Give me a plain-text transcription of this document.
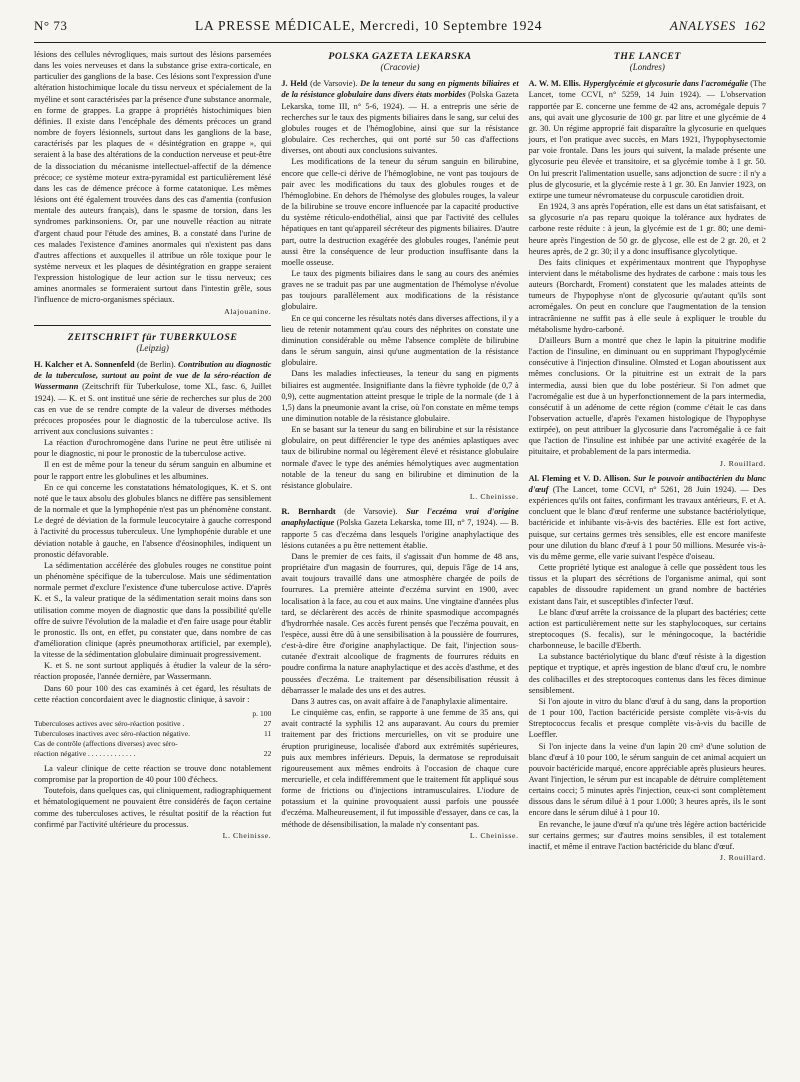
N° 73	LA PRESSE MÉDICALE, Mercredi, 10 Septembre 1924	ANALYSES 162

lésions des cellules névrogliques, mais surtout des lésions parsemées dans les voies nerveuses et dans la substance grise extra-corticale, en particulier des ganglions de la base. Ces lésions sont l'expression d'une altération histochimique locale du tissu nerveux et spécialement de la myéline et sont caractérisées par la présence d'une substance anormale, en forme de grappes. La grappe à propriétés histochimiques bien définies. Il existe dans l'encéphale des déments précoces un grand nombre de foyers lésionnels, surtout dans les ganglions de la base, caractérisés par les plaques de « désintégration en grappe », qui seraient à la base des altérations de la conduction nerveuse et peut-être de la dissociation du mécanisme intellectuel-affectif de la démence précoce; ce système moteur extra-pyramidal est particulièrement lésé dans les cas de démence précoce à forme catatonique. Les mêmes lésions ont été également trouvées dans des cas d'amentia (confusion mentale des auteurs français), dans le spasme de torsion, dans les syndromes parkinsoniens. Or, par une nouvelle réaction au nitrate d'argent chaud pour l'étude des amines, B. a constaté dans l'urine de ces malades l'existence d'amines anormales qui n'existent pas dans d'autres affections et auxquelles il attribue un rôle toxique pour le système nerveux et les plaques de désintégration en grappe seraient l'expression histologique de leur action sur le tissu nerveux; ces amines anormales se formeraient surtout dans l'intestin grêle, sous l'influence de micro-organismes spéciaux.

Alajouanine.
ZEITSCHRIFT für TUBERKULOSE
(Leipzig)

H. Kalcher et A. Sonnenfeld (de Berlin). Contribution au diagnostic de la tuberculose, surtout au point de vue de la séro-réaction de Wassermann (Zeitschrift für Tuberkulose, tome XL, fasc. 6, Juillet 1924). — K. et S. ont institué une série de recherches sur plus de 200 cas en vue de se rendre compte de la valeur de diverses méthodes précoces proposées pour le diagnostic de la tuberculose active. Ils arrivent aux conclusions suivantes :

La réaction d'urochromogène dans l'urine ne peut être utilisée ni pour le diagnostic, ni pour le pronostic de la tuberculose active.

Il en est de même pour la teneur du sérum sanguin en albumine et pour le rapport entre les globulines et les albumines.

En ce qui concerne les constatations hématologiques, K. et S. ont noté que le taux absolu des globules blancs ne diffère pas sensiblement de la normale et que la lymphopénie n'est pas un phénomène constant. Le degré de déviation de la formule leucocytaire à gauche correspond à l'activité du processus tuberculeux. Une lymphopénie durable et une déviation notable à gauche, en l'absence d'éosinophiles, indiquent un pronostic défavorable.

La sédimentation accélérée des globules rouges ne constitue point un phénomène spécifique de la tuberculose. Mais une sédimentation normale permet d'exclure l'existence d'une tuberculose active. D'après K. et S., la valeur pratique de la sédimentation serait moins dans son utilisation comme moyen de diagnostic que dans la possibilité qu'elle offre de suivre l'évolution de la maladie et d'en faire usage pour établir le pronostic. Ils ont, en effet, pu constater que, dans nombre de cas d'amélioration clinique (après pneumothorax artificiel, par exemple), la vitesse de la sédimentation globulaire diminuait progressivement.

K. et S. ne sont surtout appliqués à étudier la valeur de la séro-réaction proposée, l'année dernière, par Wassermann.

Dans 60 pour 100 des cas examinés à cet égard, les résultats de cette réaction concordaient avec le diagnostic clinique, à savoir :

p. 100
Tuberculoses actives avec séro-réaction positive .	27
Tuberculoses inactives avec séro-réaction négative.	11
Cas de contrôle (affections diverses) avec séro-
réaction négative . . . . . . . . . . . . .	22

La valeur clinique de cette réaction se trouve donc notablement compromise par la proportion de 40 pour 100 d'échecs.

Toutefois, dans quelques cas, qui cliniquement, radiographiquement et hématologiquement ne pouvaient être considérés de façon certaine comme des tuberculoses actives, le résultat positif de la réaction fut confirmé par l'activité ultérieure du processus.

L. Cheinisse.
POLSKA GAZETA LEKARSKA
(Cracovie)

J. Held (de Varsovie). De la teneur du sang en pigments biliaires et de la résistance globulaire dans divers états morbides (Polska Gazeta Lekarska, tome III, n° 5-6, 1924). — H. a entrepris une série de recherches sur le taux des pigments biliaires dans le sang, sur celui des globules rouges et de l'hémoglobine, ainsi que sur la résistance globulaire. Ces recherches, qui ont porté sur 50 cas d'affections diverses, ont abouti aux conclusions suivantes.

Les modifications de la teneur du sérum sanguin en bilirubine, encore que celle-ci dérive de l'hémoglobine, ne vont pas toujours de pair avec les modifications du taux des globules rouges et de l'hémoglobine. En dehors de l'hémolyse des globules rouges, la valeur de la bilirubine se trouve encore influencée par la capacité productive du système réticulo-endothélial, ainsi que par l'activité des cellules hépatiques en tant qu'appareil sécréteur des pigments biliaires. D'autre part, outre la destruction exagérée des globules rouges, l'anémie peut aussi être la conséquence de leur production insuffisante dans la moelle osseuse.

Le taux des pigments biliaires dans le sang au cours des anémies graves ne se traduit pas par une augmentation de l'hémolyse n'évolue pas toujours parallèlement aux modifications de la résistance globulaire.

En ce qui concerne les résultats notés dans diverses affections, il y a lieu de retenir notamment qu'au cours des néphrites on constate une diminution considérable ou même l'absence complète de bilirubine dans le sérum sanguin, ainsi qu'une augmentation de la résistance globulaire.

Dans les maladies infectieuses, la teneur du sang en pigments biliaires est augmentée. Insignifiante dans la fièvre typhoïde (de 0,7 à 0,9), cette augmentation atteint presque le triple de la normale (de 1 à 1,5) dans la pneumonie avant la crise, où l'on constate en même temps une diminution notable de la résistance globulaire.

En se basant sur la teneur du sang en bilirubine et sur la résistance globulaire, on peut différencier le type des anémies aplastiques avec taux de bilirubine normal ou légèrement élevé et résistance globulaire normale d'avec le type des anémies hémolytiques avec augmentation notable de la teneur du sang en bilirubine et diminution de la résistance globulaire.

L. Cheinisse.

R. Bernhardt (de Varsovie). Sur l'eczéma vrai d'origine anaphylactique (Polska Gazeta Lekarska, tome III, n° 7, 1924). — B. rapporte 5 cas d'eczéma dans lesquels l'origine anaphylactique des lésions cutanées a pu être nettement établie.

Dans le premier de ces faits, il s'agissait d'un homme de 48 ans, propriétaire d'un magasin de fourrures, qui, depuis l'âge de 14 ans, avait toujours travaillé dans une atmosphère chargée de poils de fourrures. La première atteinte d'eczéma survint en 1900, avec localisation à la face, au cou et aux mains. Une vingtaine d'années plus tard, se déclarèrent des accès de rhinite spasmodique accompagnés d'hydrorrhée nasale. Ces accès furent pensés que l'eczéma pouvait, en l'espèce, aussi être dû à une sensibilisation à la poussière de fourrures, c'est-à-dire être d'origine anaphylactique. De fait, l'injection sous-cutanée d'extrait alcoolique de fragments de fourrures réduits en poudre confirma la nature anaphylactique et des accès d'asthme, et des poussées d'eczéma. Le traitement par désensibilisation réussit à débarrasser le malade des uns et des autres.

Dans 3 autres cas, on avait affaire à de l'anaphylaxie alimentaire.

Le cinquième cas, enfin, se rapporte à une femme de 35 ans, qui avait contracté la syphilis 12 ans auparavant. Au cours du premier traitement par des frictions mercurielles, on vit se produire une éruption prurigineuse, localisée d'abord aux extrémités supérieures, puis aux membres inférieurs. Depuis, la dermatose se reproduisait rigoureusement aux mêmes endroits à l'occasion de chaque cure mercurielle, et cela indifféremment que le traitement fût appliqué sous forme de frictions ou d'injections intramusculaires. L'iodure de potassium et la quinine provoquaient aussi parfois une poussée d'eczéma. Malheureusement, il fut impossible d'essayer, dans ce cas, la méthode de désensibilisation, la malade n'y consentant pas.

L. Cheinisse.
THE LANCET
(Londres)

A. W. M. Ellis. Hyperglycémie et glycosurie dans l'acromégalie (The Lancet, tome CCVI, n° 5259, 14 Juin 1924). — L'observation rapportée par E. concerne une femme de 42 ans, acromégale depuis 7 ans, qui avait une glycosurie de 100 gr. par litre et une glycémie de 4 gr. 30. Un régime approprié fait disparaître la glycosurie en quelques jours, et l'on pratique avec succès, en Mars 1921, l'hypophysectomie par voie frontale. Dans les jours qui suivent, la malade présente une glycosurie peu élevée et transitoire, et sa glycémie tombe à 1 gr. 50. On lui prescrit l'alimentation usuelle, sans adjonction de sucre : il n'y a plus de glycosurie, et la glycémie reste à 1 gr. 30. En Janvier 1923, on extirpe une tumeur névromateuse du corpuscule carotidien droit.

En 1924, 3 ans après l'opération, elle est dans un état satisfaisant, et sa glycosurie n'a pas reparu quoique la tolérance aux hydrates de carbone reste réduite : à jeun, la glycémie est de 1 gr. 80; une demi-heure après l'ingestion de 50 gr. de glycose, elle est de 2 gr. 20, et 2 heures après, de 2 gr. 30; il y a donc insuffisance glycolytique.

Des faits cliniques et expérimentaux montrent que l'hypophyse intervient dans le métabolisme des hydrates de carbone : mais tous les auteurs (Borchardt, Froment) constatent que les malades atteints de tumeurs de l'hypophyse n'ont de glycosurie qu'autant qu'ils sont acromégales. On peut en conclure que l'augmentation de la tension intracrânienne ne suffit pas à elle seule à expliquer le trouble du métabolisme hydro-carboné.

D'ailleurs Burn a montré que chez le lapin la pituitrine modifie l'action de l'insuline, en diminuant ou en supprimant l'hypoglycémie consécutive à l'injection d'insuline. Olmsted et Logan aboutissent aux mêmes conclusions. Or la pituitrine est un extrait de la pars intermedia, aussi bien que du lobe postérieur. Si l'on admet que l'acromégalie est due à un hyperfonctionnement de la pars intermedia, consécutif à un adénome de cette région (comme c'était le cas dans l'observation actuelle, d'après l'examen histologique de l'hypophyse extirpée), on peut attribuer la glycosurie dans l'acromégalie à ce fait que l'action de l'insuline est inhibée par une activité exagérée de la pituitaire, et probablement de la pars intermedia.

J. Rouillard.

Al. Fleming et V. D. Allison. Sur le pouvoir antibactérien du blanc d'œuf (The Lancet, tome CCVI, n° 5261, 28 Juin 1924). — Des expériences qu'ils ont faites, confirmant les travaux antérieurs, F. et A. concluent que le blanc d'œuf renferme une substance bactériolytique, bactéricide et inhibante vis-à-vis des bactéries. Elle est fort active, puisque, sur certains germes très sensibles, elle est encore manifeste pour une dilution du blanc d'œuf à 1 pour 50 millions. Mesurée vis-à-vis du même germe, elle varie suivant l'espèce d'oiseau.

Cette propriété lytique est analogue à celle que possèdent tous les tissus et la plupart des sécrétions de l'organisme animal, qui sont capables de dissoudre rapidement un grand nombre de bactéries existant dans l'air, et susceptibles d'infecter l'œuf.

Le blanc d'œuf arrête la croissance de la plupart des bactéries; cette action est particulièrement nette sur les staphylocoques, sur certains streptocoques (S. fecalis), sur le méningocoque, la bactéridie charbonneuse, le bacille d'Eberth.

La substance bactériolytique du blanc d'œuf résiste à la digestion peptique et tryptique, et après ingestion de blanc d'œuf cru, le nombre des colibacilles et des streptocoques contenus dans les fèces diminue sensiblement.

Si l'on ajoute in vitro du blanc d'œuf à du sang, dans la proportion de 1 pour 100, l'action bactéricide persiste complète vis-à-vis du Streptococcus fecalis et presque complète vis-à-vis du bacille de Loeffler.

Si l'on injecte dans la veine d'un lapin 20 cm³ d'une solution de blanc d'œuf à 10 pour 100, le sérum sanguin de cet animal acquiert un pouvoir bactéricide marqué, encore appréciable après plusieurs heures. Avant l'injection, le sérum pur est incapable de détruire complètement certains cocci; 5 minutes après l'injection, ceux-ci sont complètement dissous dans le sérum dilué à 1 pour 1.000; 3 heures après, ils le sont encore dans le sérum dilué à 1 pour 10.

En revanche, le jaune d'œuf n'a qu'une très légère action bactéricide sur certains germes; sur d'autres moins sensibles, il est totalement inactif, et même il entrave l'action bactéricide du blanc d'œuf.

J. Rouillard.
